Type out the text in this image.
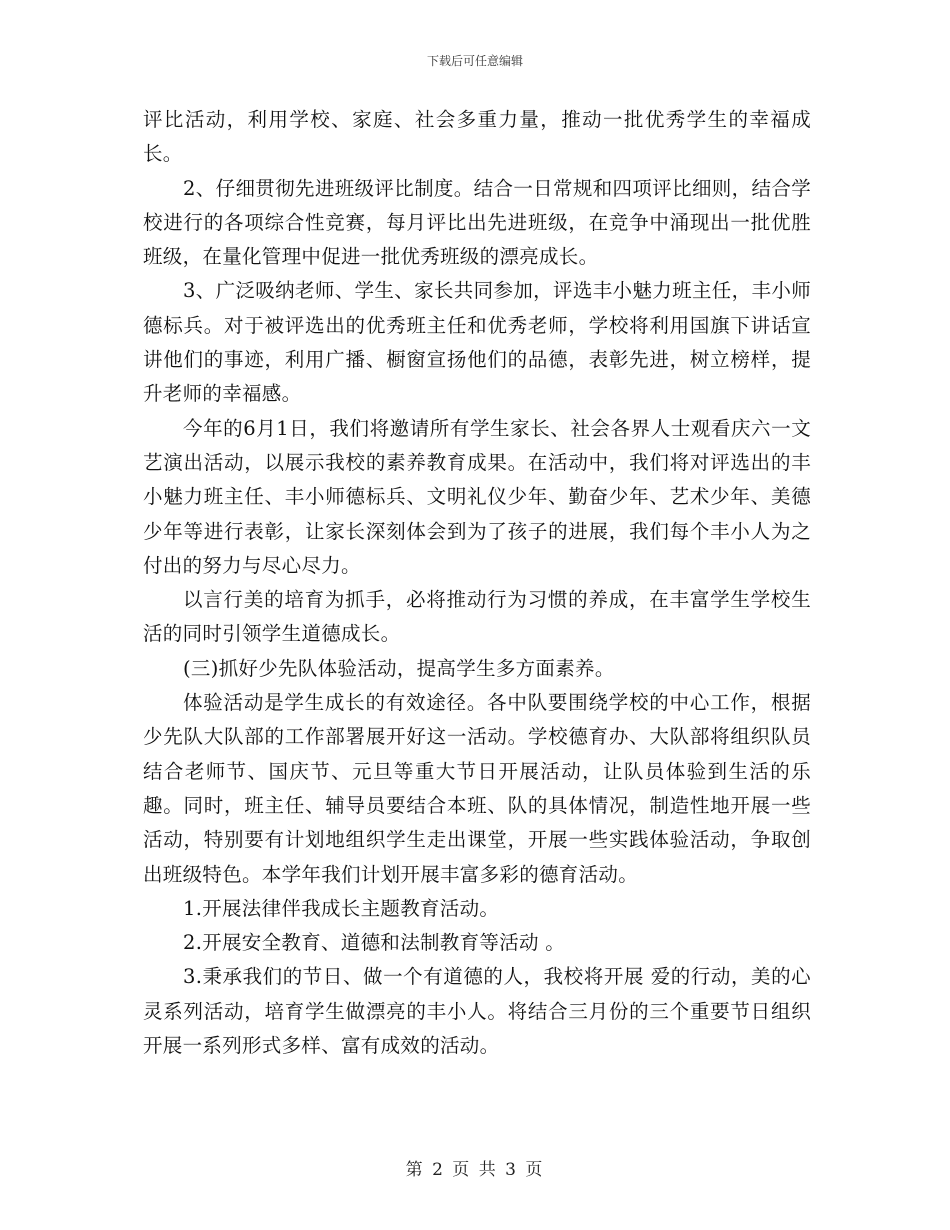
下载后可任意编辑

评比活动，利用学校、家庭、社会多重力量，推动一批优秀学生的幸福成长。

2、仔细贯彻先进班级评比制度。结合一日常规和四项评比细则，结合学校进行的各项综合性竞赛，每月评比出先进班级，在竞争中涌现出一批优胜班级，在量化管理中促进一批优秀班级的漂亮成长。

3、广泛吸纳老师、学生、家长共同参加，评选丰小魅力班主任，丰小师德标兵。对于被评选出的优秀班主任和优秀老师，学校将利用国旗下讲话宣讲他们的事迹，利用广播、橱窗宣扬他们的品德，表彰先进，树立榜样，提升老师的幸福感。

今年的6月1日，我们将邀请所有学生家长、社会各界人士观看庆六一文艺演出活动，以展示我校的素养教育成果。在活动中，我们将对评选出的丰小魅力班主任、丰小师德标兵、文明礼仪少年、勤奋少年、艺术少年、美德少年等进行表彰，让家长深刻体会到为了孩子的进展，我们每个丰小人为之付出的努力与尽心尽力。

以言行美的培育为抓手，必将推动行为习惯的养成，在丰富学生学校生活的同时引领学生道德成长。

(三)抓好少先队体验活动，提高学生多方面素养。

体验活动是学生成长的有效途径。各中队要围绕学校的中心工作，根据少先队大队部的工作部署展开好这一活动。学校德育办、大队部将组织队员结合老师节、国庆节、元旦等重大节日开展活动，让队员体验到生活的乐趣。同时，班主任、辅导员要结合本班、队的具体情况，制造性地开展一些活动，特别要有计划地组织学生走出课堂，开展一些实践体验活动，争取创出班级特色。本学年我们计划开展丰富多彩的德育活动。

1.开展法律伴我成长主题教育活动。

2.开展安全教育、道德和法制教育等活动 。

3.秉承我们的节日、做一个有道德的人，我校将开展 爱的行动，美的心灵系列活动，培育学生做漂亮的丰小人。将结合三月份的三个重要节日组织开展一系列形式多样、富有成效的活动。

第 2 页 共 3 页
